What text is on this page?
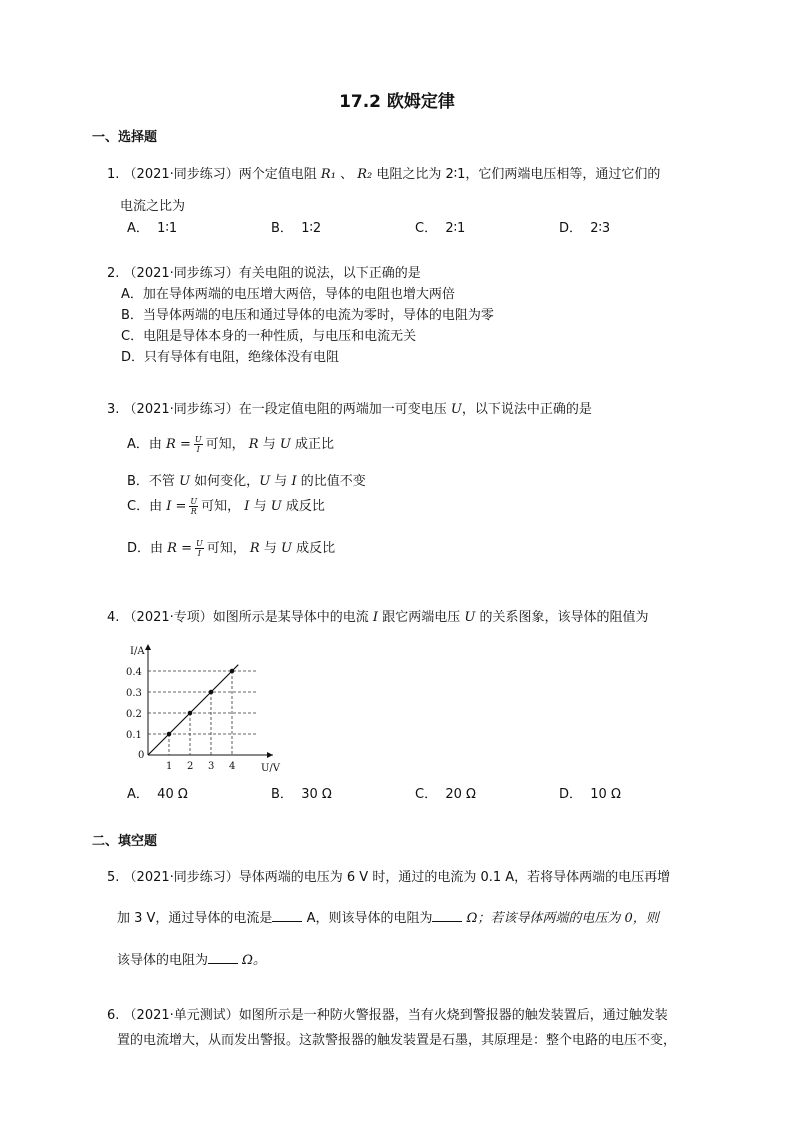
17.2 欧姆定律
一、选择题
1. （2021·同步练习）两个定值电阻 R₁ 、 R₂ 电阻之比为 2∶1，它们两端电压相等，通过它们的
电流之比为
A． 1∶1	B． 1∶2	C． 2∶1	D． 2∶3
2. （2021·同步练习）有关电阻的说法，以下正确的是
A．加在导体两端的电压增大两倍，导体的电阻也增大两倍
B．当导体两端的电压和通过导体的电流为零时，导体的电阻为零
C．电阻是导体本身的一种性质，与电压和电流无关
D．只有导体有电阻，绝缘体没有电阻
3. （2021·同步练习）在一段定值电阻的两端加一可变电压 U，以下说法中正确的是
A．由 $R = \frac{U}{I}$ 可知， R 与 U 成正比
B．不管 U 如何变化，U 与 I 的比值不变
C．由 $I = \frac{U}{R}$ 可知， I 与 U 成反比
D．由 $R = \frac{U}{I}$ 可知， R 与 U 成反比
4. （2021·专项）如图所示是某导体中的电流 I 跟它两端电压 U 的关系图象，该导体的阻值为
I/A
U/V
0
1 2 3 4
0.1
0.2
0.3
0.4
A． 40 Ω	B． 30 Ω	C． 20 Ω	D． 10 Ω
二、填空题
5. （2021·同步练习）导体两端的电压为 6 V 时，通过的电流为 0.1 A，若将导体两端的电压再增
加 3 V，通过导体的电流是	A，则该导体的电阻为	Ω；若该导体两端的电压为 0，则
该导体的电阻为	Ω。
6. （2021·单元测试）如图所示是一种防火警报器，当有火烧到警报器的触发装置后，通过触发装
置的电流增大，从而发出警报。这款警报器的触发装置是石墨，其原理是：整个电路的电压不变，
